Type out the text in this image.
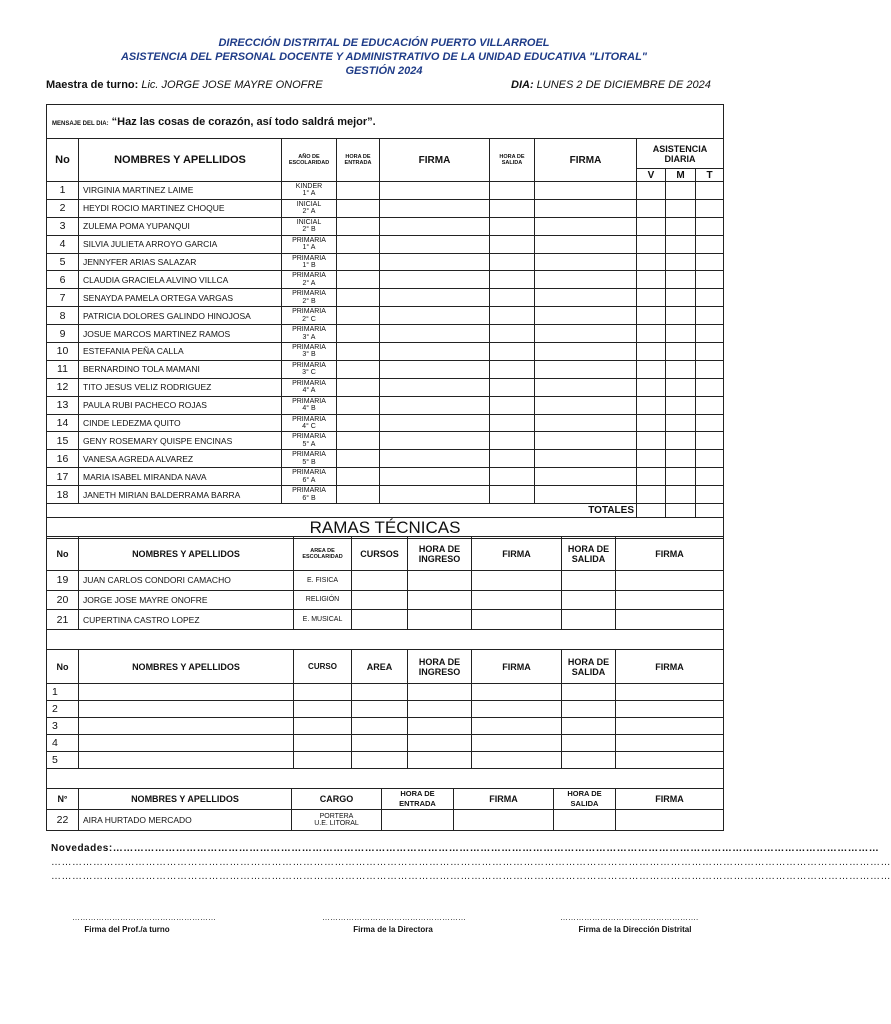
DIRECCIÓN DISTRITAL DE EDUCACIÓN PUERTO VILLARROEL
ASISTENCIA DEL PERSONAL DOCENTE Y ADMINISTRATIVO DE LA UNIDAD EDUCATIVA "LITORAL"
GESTIÓN 2024
Maestra de turno: Lic. JORGE JOSE MAYRE ONOFRE	DIA: LUNES 2 DE DICIEMBRE DE 2024
MENSAJE DEL DIA: “Haz las cosas de corazón, así todo saldrá mejor”.									
No	NOMBRES Y APELLIDOS	AÑO DE ESCOLARIDAD	HORA DE ENTRADA	FIRMA	HORA DE SALIDA	FIRMA	ASISTENCIA DIARIA		
							V	M	T
1	VIRGINIA MARTINEZ LAIME	KINDER
1° A							

2	HEYDI ROCIO MARTINEZ CHOQUE	INICIAL
2° A							

3	ZULEMA POMA YUPANQUI	INICIAL
2° B							

4	SILVIA JULIETA ARROYO GARCIA	PRIMARIA
1° A							

5	JENNYFER ARIAS SALAZAR	PRIMARIA
1° B							

6	CLAUDIA GRACIELA ALVINO VILLCA	PRIMARIA
2° A							

7	SENAYDA PAMELA ORTEGA VARGAS	PRIMARIA
2° B							

8	PATRICIA DOLORES GALINDO HINOJOSA	PRIMARIA
2° C							

9	JOSUE MARCOS MARTINEZ RAMOS	PRIMARIA
3° A							

10	ESTEFANIA PEÑA CALLA	PRIMARIA
3° B							

11	BERNARDINO TOLA MAMANI	PRIMARIA
3° C							

12	TITO JESUS VELIZ RODRIGUEZ	PRIMARIA
4° A							

13	PAULA RUBI PACHECO ROJAS	PRIMARIA
4° B							

14	CINDE LEDEZMA QUITO	PRIMARIA
4° C							

15	GENY ROSEMARY QUISPE ENCINAS	PRIMARIA
5° A							

16	VANESA AGREDA ALVAREZ	PRIMARIA
5° B							

17	MARIA ISABEL MIRANDA NAVA	PRIMARIA
6° A							

18	JANETH MIRIAN BALDERRAMA BARRA	PRIMARIA
6° B							

TOTALES									
RAMAS TÉCNICAS									
No	NOMBRES Y APELLIDOS	AREA DE ESCOLARIDAD	CURSOS	HORA DE INGRESO	FIRMA	HORA DE SALIDA	FIRMA
19	JUAN CARLOS CONDORI CAMACHO	E. FISICA					
20	JORGE JOSE MAYRE ONOFRE	RELIGIÓN					
21	CUPERTINA CASTRO LOPEZ	E. MUSICAL					

No	NOMBRES Y APELLIDOS	CURSO	AREA	HORA DE INGRESO	FIRMA	HORA DE SALIDA	FIRMA
1							
2							
3							
4							
5							

N°	NOMBRES Y APELLIDOS	CARGO	HORA DE ENTRADA	FIRMA	HORA DE SALIDA	FIRMA
22	AIRA HURTADO MERCADO	PORTERA
U.E. LITORAL				

Novedades:…………………………………………………………………………………………………………………………………………………………………………………………………
……………………………………………………………………………………………………………………………………………………………………………………………………………………
……………………………………………………………………………………………………………………………………………………………………………………………………………………
………………………………………………	………………………………………………	…………………………………………….
Firma del Prof./a turno	Firma de la Directora	Firma de la Dirección Distrital
